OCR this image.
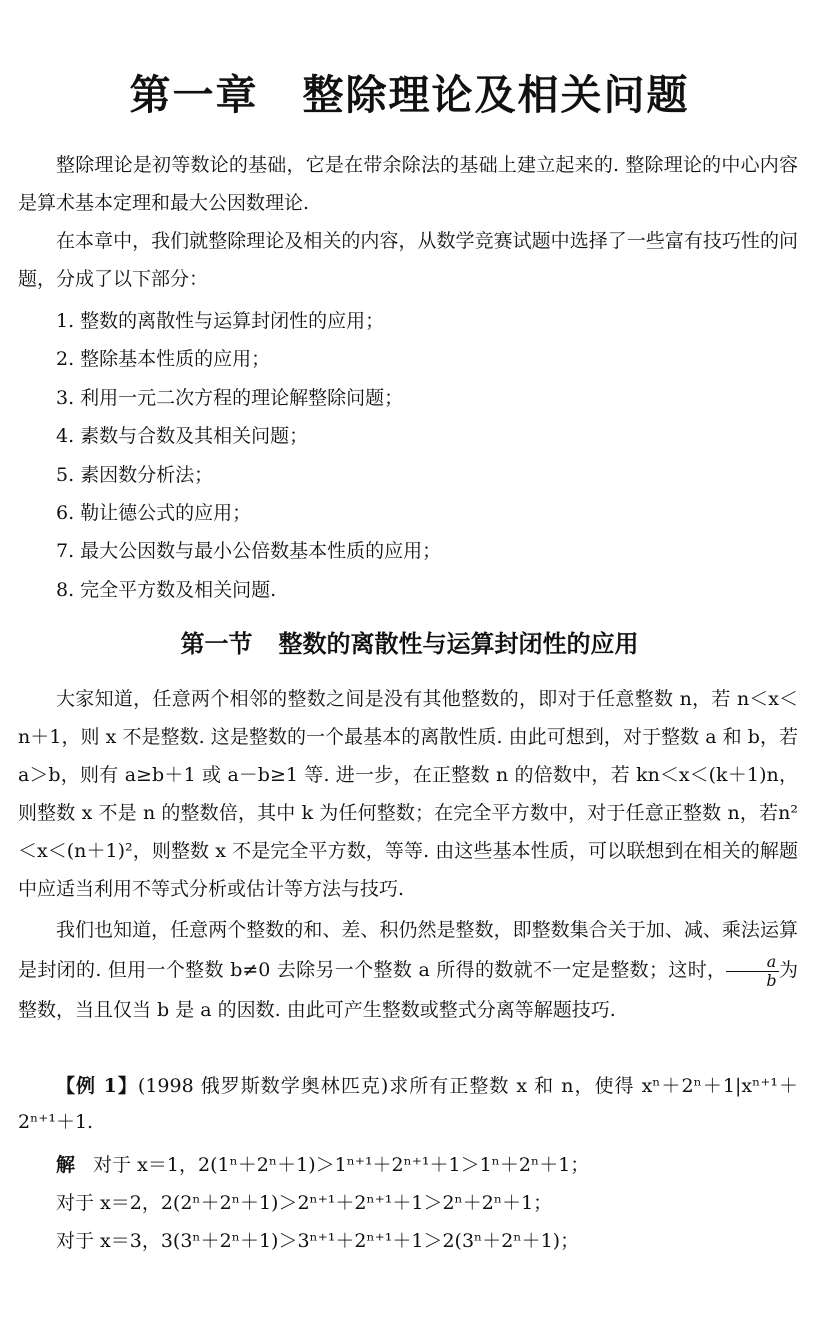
第一章 整除理论及相关问题

整除理论是初等数论的基础，它是在带余除法的基础上建立起来的. 整除理论的中心内容是算术基本定理和最大公因数理论.

在本章中，我们就整除理论及相关的内容，从数学竞赛试题中选择了一些富有技巧性的问题，分成了以下部分：

1. 整数的离散性与运算封闭性的应用；
2. 整除基本性质的应用；
3. 利用一元二次方程的理论解整除问题；
4. 素数与合数及其相关问题；
5. 素因数分析法；
6. 勒让德公式的应用；
7. 最大公因数与最小公倍数基本性质的应用；
8. 完全平方数及相关问题.
第一节 整数的离散性与运算封闭性的应用

大家知道，任意两个相邻的整数之间是没有其他整数的，即对于任意整数 n，若 n＜x＜n＋1，则 x 不是整数. 这是整数的一个最基本的离散性质. 由此可想到，对于整数 a 和 b，若 a＞b，则有 a≥b＋1 或 a－b≥1 等. 进一步，在正整数 n 的倍数中，若 kn＜x＜(k＋1)n，则整数 x 不是 n 的整数倍，其中 k 为任何整数；在完全平方数中，对于任意正整数 n，若n²＜x＜(n＋1)²，则整数 x 不是完全平方数，等等. 由这些基本性质，可以联想到在相关的解题中应适当利用不等式分析或估计等方法与技巧.

我们也知道，任意两个整数的和、差、积仍然是整数，即整数集合关于加、减、乘法运算是封闭的. 但用一个整数 b≠0 去除另一个整数 a 所得的数就不一定是整数；这时， $\frac{a}{b}$ 为整数，当且仅当 b 是 a 的因数. 由此可产生整数或整式分离等解题技巧.

【例 1】(1998 俄罗斯数学奥林匹克)求所有正整数 x 和 n，使得 xⁿ＋2ⁿ＋1|xⁿ⁺¹＋2ⁿ⁺¹＋1.

解 对于 x＝1，2(1ⁿ＋2ⁿ＋1)＞1ⁿ⁺¹＋2ⁿ⁺¹＋1＞1ⁿ＋2ⁿ＋1；

对于 x＝2，2(2ⁿ＋2ⁿ＋1)＞2ⁿ⁺¹＋2ⁿ⁺¹＋1＞2ⁿ＋2ⁿ＋1；

对于 x＝3，3(3ⁿ＋2ⁿ＋1)＞3ⁿ⁺¹＋2ⁿ⁺¹＋1＞2(3ⁿ＋2ⁿ＋1)；
